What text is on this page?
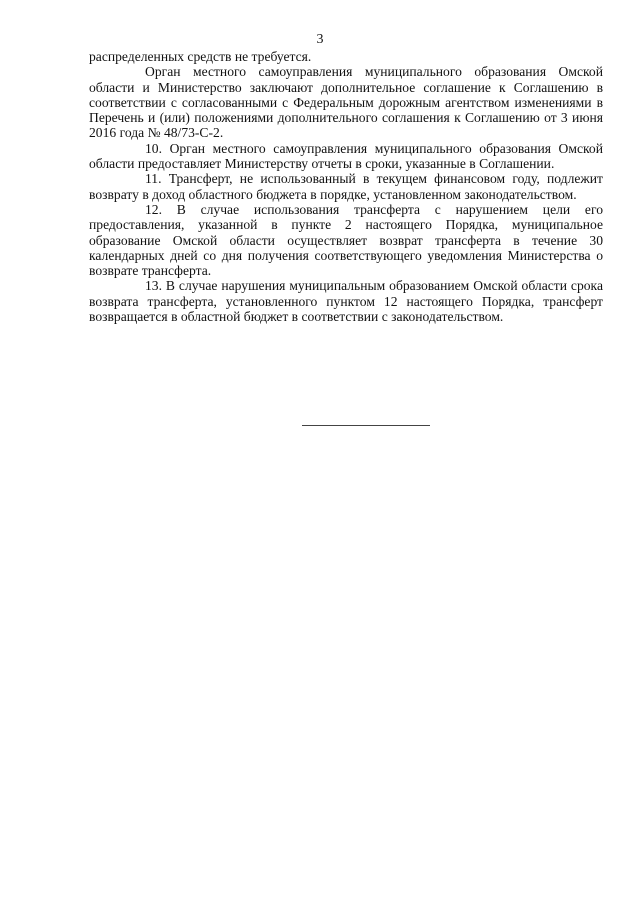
3

распределенных средств не требуется.

Орган местного самоуправления муниципального образования Омской области и Министерство заключают дополнительное соглашение к Соглашению в соответствии с согласованными с Федеральным дорожным агентством изменениями в Перечень и (или) положениями дополнительного соглашения к Соглашению от 3 июня 2016 года № 48/73-С-2.

10. Орган местного самоуправления муниципального образования Омской области предоставляет Министерству отчеты в сроки, указанные в Соглашении.

11. Трансферт, не использованный в текущем финансовом году, подлежит возврату в доход областного бюджета в порядке, установленном законодательством.

12. В случае использования трансферта с нарушением цели его предоставления, указанной в пункте 2 настоящего Порядка, муниципальное образование Омской области осуществляет возврат трансферта в течение 30 календарных дней со дня получения соответствующего уведомления Министерства о возврате трансферта.

13. В случае нарушения муниципальным образованием Омской области срока возврата трансферта, установленного пунктом 12 настоящего Порядка, трансферт возвращается в областной бюджет в соответствии с законодательством.
